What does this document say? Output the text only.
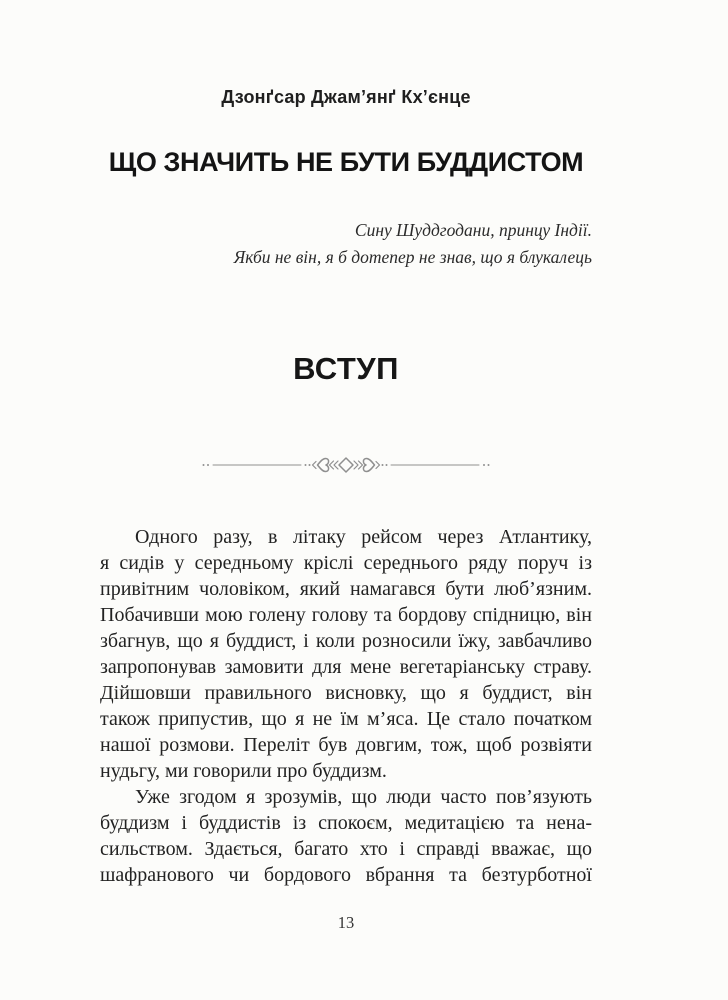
Дзонґсар Джам’янґ Кх’єнце
ЩО ЗНАЧИТЬ НЕ БУТИ БУДДИСТОМ
Сину Шуддгодани, принцу Індії.
Якби не він, я б дотепер не знав, що я блукалець
ВСТУП
Одного разу, в літаку рейсом через Атлантику,
я сидів у середньому кріслі середнього ряду поруч із
привітним чоловіком, який намагався бути люб’язним.
Побачивши мою голену голову та бордову спідницю, він
збагнув, що я буддист, і коли розносили їжу, завбачливо
запропонував замовити для мене вегетаріанську страву.
Дійшовши правильного висновку, що я буддист, він
також припустив, що я не їм м’яса. Це стало початком
нашої розмови. Переліт був довгим, тож, щоб розвіяти
нудьгу, ми говорили про буддизм.
Уже згодом я зрозумів, що люди часто пов’язують
буддизм і буддистів із спокоєм, медитацією та нена-
сильством. Здається, багато хто і справді вважає, що
шафранового чи бордового вбрання та безтурботної
13
